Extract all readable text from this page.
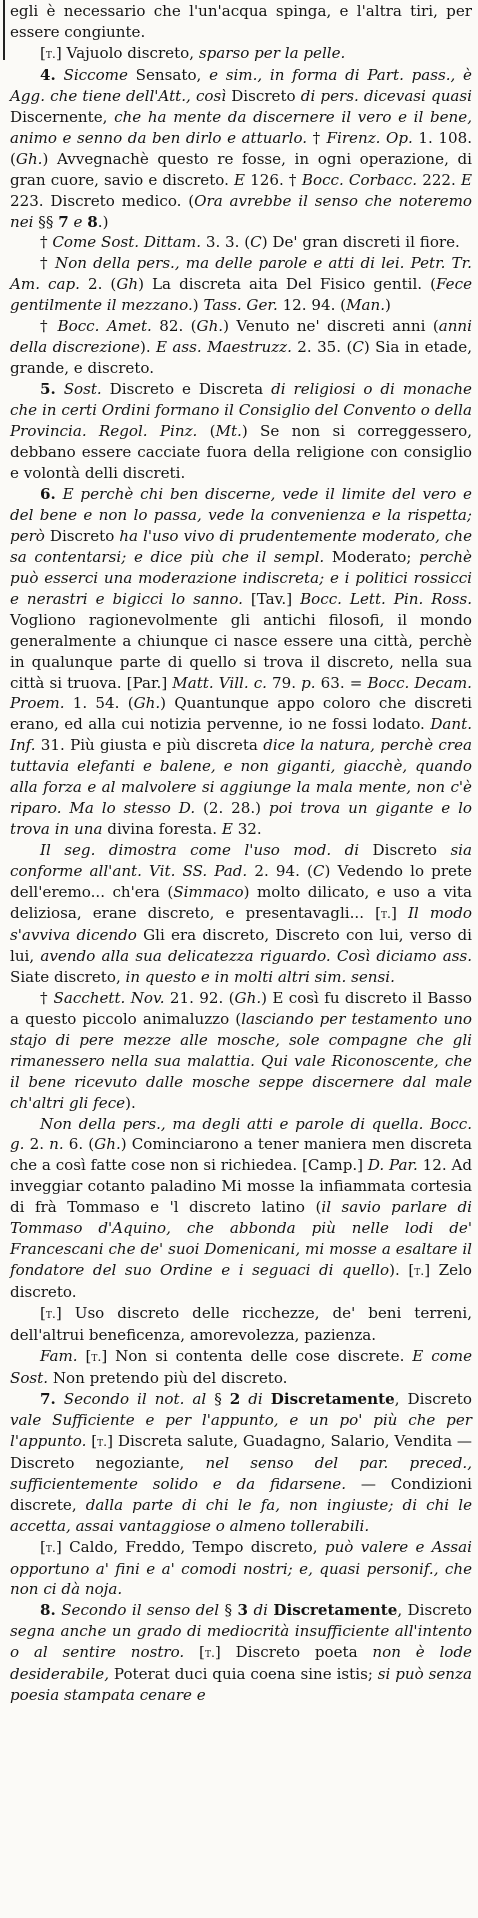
egli è necessario che l'un'acqua spinga, e l'altra tiri, per essere congiunte.

[t.] Vajuolo discreto, sparso per la pelle.

4. Siccome Sensato, e sim., in forma di Part. pass., è Agg. che tiene dell'Att., così Discreto di pers. dicevasi quasi Discernente, che ha mente da discernere il vero e il bene, animo e senno da ben dirlo e attuarlo. † Firenz. Op. 1. 108. (Gh.) Avvegnachè questo re fosse, in ogni operazione, di gran cuore, savio e discreto. E 126. † Bocc. Corbacc. 222. E 223. Discreto medico. (Ora avrebbe il senso che noteremo nei §§ 7 e 8.)

† Come Sost. Dittam. 3. 3. (C) De' gran discreti il fiore.

† Non della pers., ma delle parole e atti di lei. Petr. Tr. Am. cap. 2. (Gh) La discreta aita Del Fisico gentil. (Fece gentilmente il mezzano.) Tass. Ger. 12. 94. (Man.)

† Bocc. Amet. 82. (Gh.) Venuto ne' discreti anni (anni della discrezione). E ass. Maestruzz. 2. 35. (C) Sia in etade, grande, e discreto.

5. Sost. Discreto e Discreta di religiosi o di monache che in certi Ordini formano il Consiglio del Convento o della Provincia. Regol. Pinz. (Mt.) Se non si correggessero, debbano essere cacciate fuora della religione con consiglio e volontà delli discreti.

6. E perchè chi ben discerne, vede il limite del vero e del bene e non lo passa, vede la convenienza e la rispetta; però Discreto ha l'uso vivo di prudentemente moderato, che sa contentarsi; e dice più che il sempl. Moderato; perchè può esserci una moderazione indiscreta; e i politici rossicci e nerastri e bigicci lo sanno. [Tav.] Bocc. Lett. Pin. Ross. Vogliono ragionevolmente gli antichi filosofi, il mondo generalmente a chiunque ci nasce essere una città, perchè in qualunque parte di quello si trova il discreto, nella sua città si truova. [Par.] Matt. Vill. c. 79. p. 63. = Bocc. Decam. Proem. 1. 54. (Gh.) Quantunque appo coloro che discreti erano, ed alla cui notizia pervenne, io ne fossi lodato. Dant. Inf. 31. Più giusta e più discreta dice la natura, perchè crea tuttavia elefanti e balene, e non giganti, giacchè, quando alla forza e al malvolere si aggiunge la mala mente, non c'è riparo. Ma lo stesso D. (2. 28.) poi trova un gigante e lo trova in una divina foresta. E 32.

Il seg. dimostra come l'uso mod. di Discreto sia conforme all'ant. Vit. SS. Pad. 2. 94. (C) Vedendo lo prete dell'eremo... ch'era (Simmaco) molto dilicato, e uso a vita deliziosa, erane discreto, e presentavagli... [t.] Il modo s'avviva dicendo Gli era discreto, Discreto con lui, verso di lui, avendo alla sua delicatezza riguardo. Così diciamo ass. Siate discreto, in questo e in molti altri sim. sensi.

† Sacchett. Nov. 21. 92. (Gh.) E così fu discreto il Basso a questo piccolo animaluzzo (lasciando per testamento uno stajo di pere mezze alle mosche, sole compagne che gli rimanessero nella sua malattia. Qui vale Riconoscente, che il bene ricevuto dalle mosche seppe discernere dal male ch'altri gli fece).

Non della pers., ma degli atti e parole di quella. Bocc. g. 2. n. 6. (Gh.) Cominciarono a tener maniera men discreta che a così fatte cose non si richiedea. [Camp.] D. Par. 12. Ad inveggiar cotanto paladino Mi mosse la infiammata cortesia di frà Tommaso e 'l discreto latino (il savio parlare di Tommaso d'Aquino, che abbonda più nelle lodi de' Francescani che de' suoi Domenicani, mi mosse a esaltare il fondatore del suo Ordine e i seguaci di quello). [t.] Zelo discreto.

[t.] Uso discreto delle ricchezze, de' beni terreni, dell'altrui beneficenza, amorevolezza, pazienza.

Fam. [t.] Non si contenta delle cose discrete. E come Sost. Non pretendo più del discreto.

7. Secondo il not. al § 2 di Discretamente, Discreto vale Sufficiente e per l'appunto, e un po' più che per l'appunto. [t.] Discreta salute, Guadagno, Salario, Vendita — Discreto negoziante, nel senso del par. preced., sufficientemente solido e da fidarsene. — Condizioni discrete, dalla parte di chi le fa, non ingiuste; di chi le accetta, assai vantaggiose o almeno tollerabili.

[t.] Caldo, Freddo, Tempo discreto, può valere e Assai opportuno a' fini e a' comodi nostri; e, quasi personif., che non ci dà noja.

8. Secondo il senso del § 3 di Discretamente, Discreto segna anche un grado di mediocrità insufficiente all'intento o al sentire nostro. [t.] Discreto poeta non è lode desiderabile, Poterat duci quia coena sine istis; si può senza poesia stampata cenare e
